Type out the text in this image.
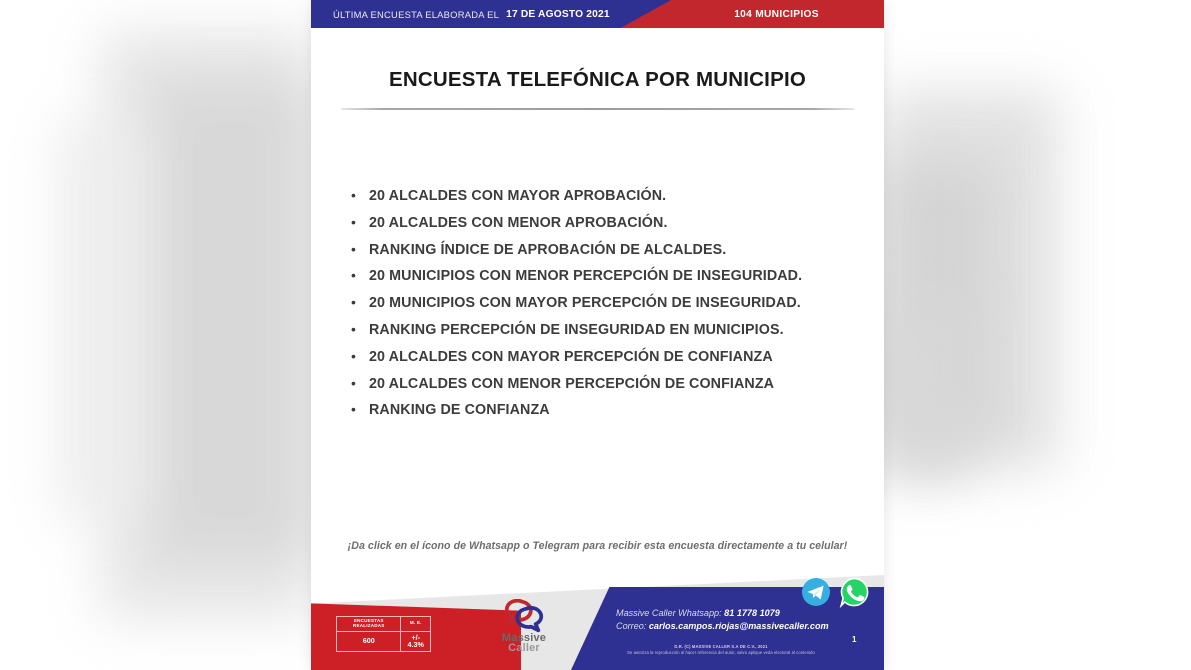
ÚLTIMA ENCUESTA ELABORADA EL 17 DE AGOSTO 2021	104 MUNICIPIOS
ENCUESTA TELEFÓNICA POR MUNICIPIO
• 20 ALCALDES CON MAYOR APROBACIÓN.
• 20 ALCALDES CON MENOR APROBACIÓN.
• RANKING ÍNDICE DE APROBACIÓN DE ALCALDES.
• 20 MUNICIPIOS CON MENOR PERCEPCIÓN DE INSEGURIDAD.
• 20 MUNICIPIOS CON MAYOR PERCEPCIÓN DE INSEGURIDAD.
• RANKING PERCEPCIÓN DE INSEGURIDAD EN MUNICIPIOS.
• 20 ALCALDES CON MAYOR PERCEPCIÓN DE CONFIANZA
• 20 ALCALDES CON MENOR PERCEPCIÓN DE CONFIANZA
• RANKING DE CONFIANZA
¡Da click en el ícono de Whatsapp o Telegram para recibir esta encuesta directamente a tu celular!
ENCUESTAS REALIZADAS	M. E.
600	+/- 4.3%
Massive
Caller
Massive Caller Whatsapp: 81 1778 1079
Correo: carlos.campos.riojas@massivecaller.com
1
D.R. (C) MASSIVE CALLER S.A DE C.V., 2021
Se autoriza la reproducción al hacer referencia del autor, salvo aplique veda electoral al contenido
